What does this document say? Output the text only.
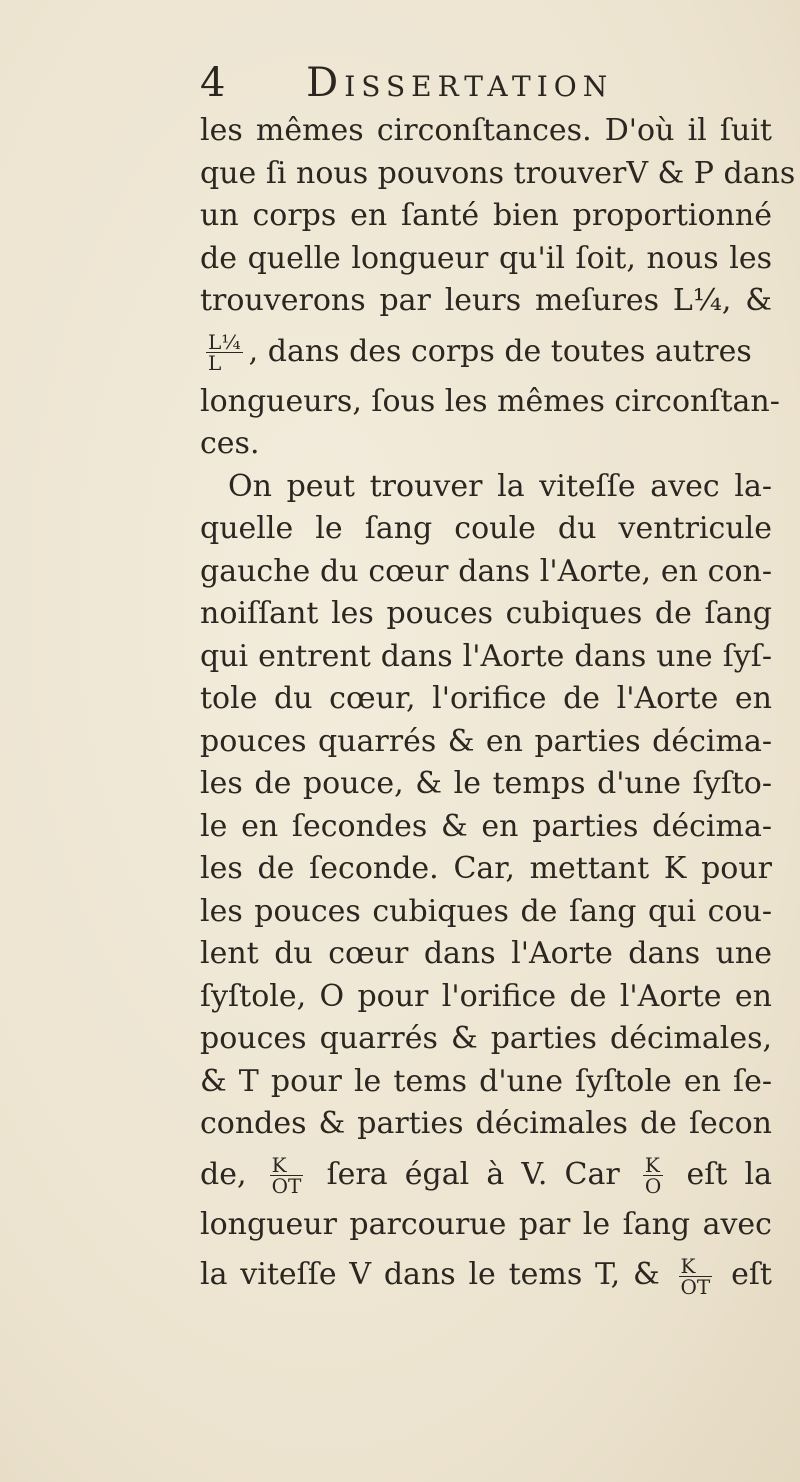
4 Dissertation
les mêmes circonſtances. D'où il ſuit
que ſi nous pouvons trouverV & P dans
un corps en ſanté bien proportionné
de quelle longueur qu'il ſoit, nous les
trouverons par leurs meſures L¼, &
$\frac{\text{L¼}}{L}$ , dans des corps de toutes autres
longueurs, ſous les mêmes circonſtan-
ces.
On peut trouver la viteſſe avec la-
quelle le ſang coule du ventricule
gauche du cœur dans l'Aorte, en con-
noiſſant les pouces cubiques de ſang
qui entrent dans l'Aorte dans une ſyſ-
tole du cœur, l'orifice de l'Aorte en
pouces quarrés & en parties décima-
les de pouce, & le temps d'une ſyſto-
le en ſecondes & en parties décima-
les de ſeconde. Car, mettant K pour
les pouces cubiques de ſang qui cou-
lent du cœur dans l'Aorte dans une
ſyſtole, O pour l'orifice de l'Aorte en
pouces quarrés & parties décimales,
& T pour le tems d'une ſyſtole en ſe-
condes & parties décimales de ſecon
de, $\frac{K}{OT}$ ſera égal à V. Car $\frac{K}{O}$ eſt la
longueur parcourue par le ſang avec
la viteſſe V dans le tems T, & $\frac{K}{OT}$ eſt
